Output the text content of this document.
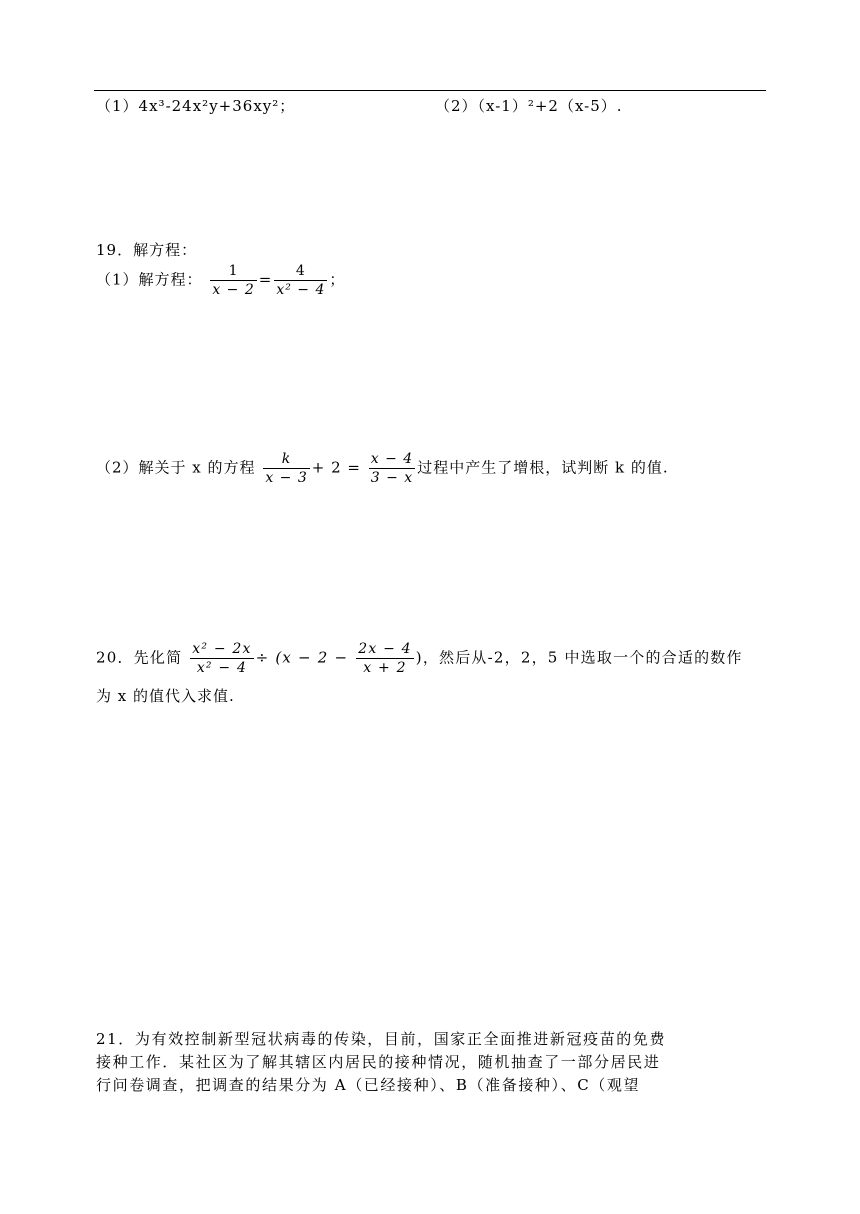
（1）4x³-24x²y+36xy²；	（2）（x-1）²+2（x-5）.
19．解方程：
（1）解方程： $\frac{1}{x - 2} = \frac{4}{\text{x² − 4}}$ ；
（2）解关于 x 的方程 $\frac{k}{x - 3} + 2 = \frac{x - 4}{3 - x}$ 过程中产生了增根，试判断 k 的值.
20．先化简 $\frac{\text{x² − 2x}}{\text{x² − 4}} \div (x - 2 - \frac{2x - 4}{x + 2}$ )，然后从-2，2，5 中选取一个的合适的数作
为 x 的值代入求值.
21．为有效控制新型冠状病毒的传染，目前，国家正全面推进新冠疫苗的免费
接种工作．某社区为了解其辖区内居民的接种情况，随机抽查了一部分居民进
行问卷调查，把调查的结果分为 A（已经接种）、B（准备接种）、C（观望
